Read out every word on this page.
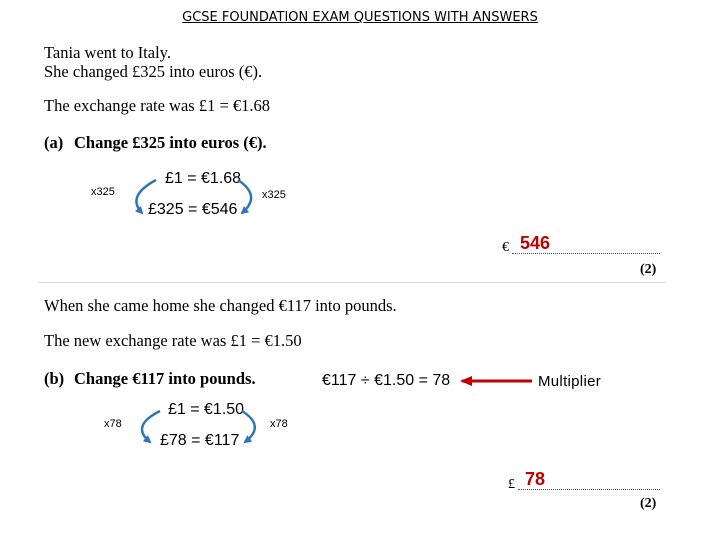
GCSE FOUNDATION EXAM QUESTIONS WITH ANSWERS
Tania went to Italy.
She changed £325 into euros (€).
The exchange rate was £1 = €1.68
(a) Change £325 into euros (€).
x325
£1 = €1.68
£325 = €546
x325
€ 546
(2)
When she came home she changed €117 into pounds.
The new exchange rate was £1 = €1.50
(b) Change €117 into pounds.	€117 ÷ €1.50 = 78	Multiplier
x78
£1 = €1.50
£78 = €117
x78
£ 78
(2)
